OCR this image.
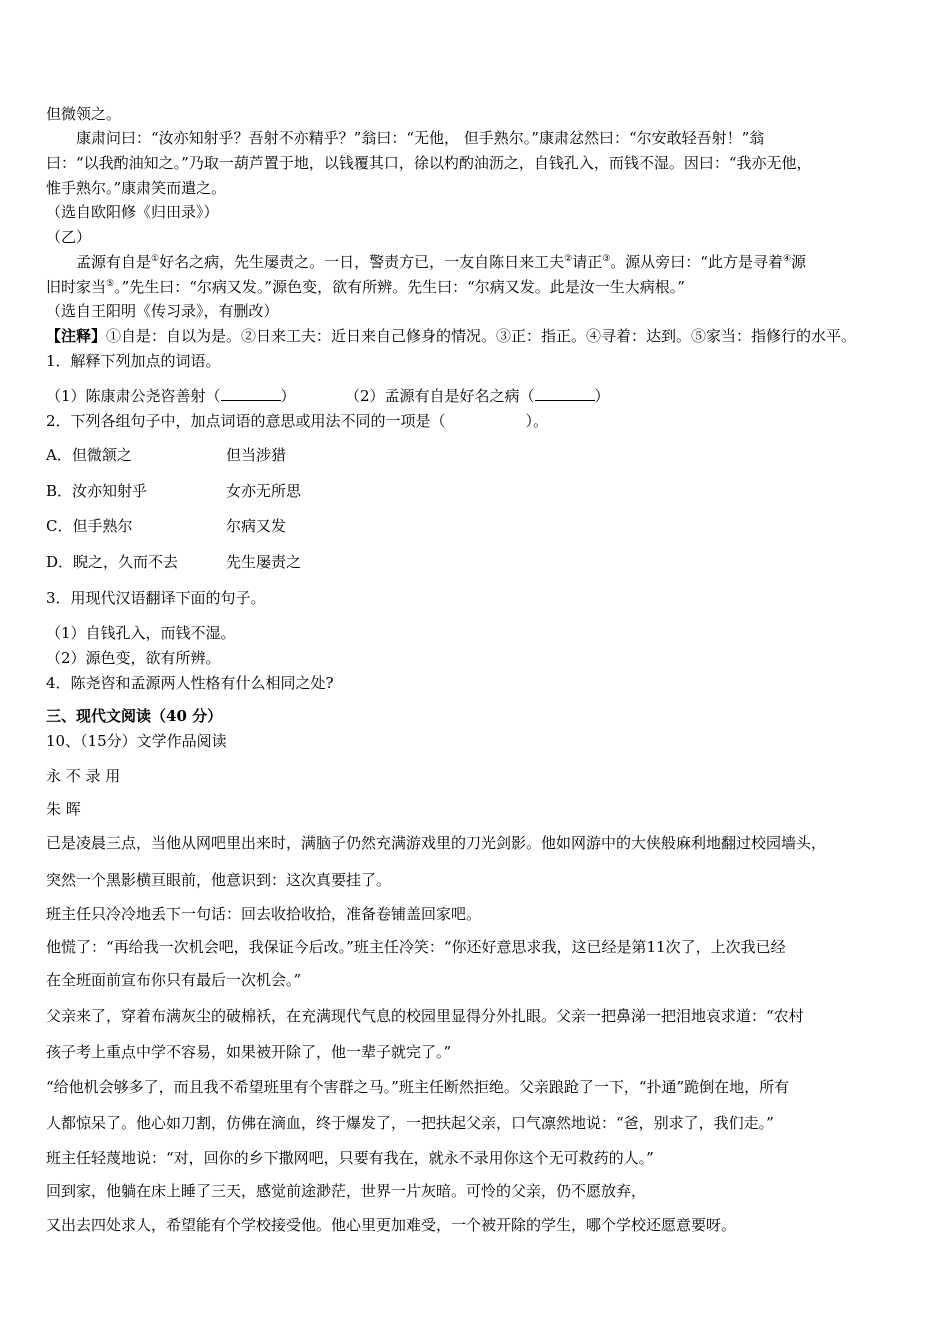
但微领之。
康肃问曰：“汝亦知射乎？吾射不亦精乎？”翁曰：“无他， 但手熟尔。”康肃忿然曰：“尔安敢轻吾射！”翁
曰：“以我酌油知之。”乃取一葫芦置于地，以钱覆其口，徐以杓酌油沥之，自钱孔入，而钱不湿。因曰：“我亦无他，
惟手熟尔。”康肃笑而遣之。
（选自欧阳修《归田录》）
（乙）
孟源有自是①好名之病，先生屡责之。一日，警责方已，一友自陈日来工夫②请正③。源从旁曰：“此方是寻着④源
旧时家当⑤。”先生曰：“尔病又发。”源色变，欲有所辨。先生曰：“尔病又发。此是汝一生大病根。”
（选自王阳明《传习录》，有删改）
【注释】①自是：自以为是。②日来工夫：近日来自己修身的情况。③正：指正。④寻着：达到。⑤家当：指修行的水平。
1．解释下列加点的词语。
（1）陈康肃公尧咨善射（	）	（2）孟源有自是好名之病（	）
2．下列各组句子中，加点词语的意思或用法不同的一项是（	）。
A．但微颔之	但当涉猎
B．汝亦知射乎	女亦无所思
C．但手熟尔	尔病又发
D．睨之，久而不去	先生屡责之
3．用现代汉语翻译下面的句子。
（1）自钱孔入，而钱不湿。
（2）源色变，欲有所辨。
4．陈尧咨和孟源两人性格有什么相同之处?
三、现代文阅读（40 分）
10、（15分）文学作品阅读
永 不 录 用
朱 晖
已是凌晨三点，当他从网吧里出来时，满脑子仍然充满游戏里的刀光剑影。他如网游中的大侠般麻利地翻过校园墙头，
突然一个黑影横亘眼前，他意识到：这次真要挂了。
班主任只冷冷地丢下一句话：回去收拾收拾，准备卷铺盖回家吧。
他慌了：“再给我一次机会吧，我保证今后改。”班主任冷笑：“你还好意思求我，这已经是第11次了，上次我已经
在全班面前宣布你只有最后一次机会。”
父亲来了，穿着布满灰尘的破棉袄，在充满现代气息的校园里显得分外扎眼。父亲一把鼻涕一把泪地哀求道：“农村
孩子考上重点中学不容易，如果被开除了，他一辈子就完了。”
“给他机会够多了，而且我不希望班里有个害群之马。”班主任断然拒绝。父亲踉跄了一下，“扑通”跪倒在地，所有
人都惊呆了。他心如刀割，仿佛在滴血，终于爆发了，一把扶起父亲，口气凛然地说：“爸，别求了，我们走。”
班主任轻蔑地说：“对，回你的乡下撒网吧，只要有我在，就永不录用你这个无可救药的人。”
回到家，他躺在床上睡了三天，感觉前途渺茫，世界一片灰暗。可怜的父亲，仍不愿放弃，
又出去四处求人，希望能有个学校接受他。他心里更加难受，一个被开除的学生，哪个学校还愿意要呀。
